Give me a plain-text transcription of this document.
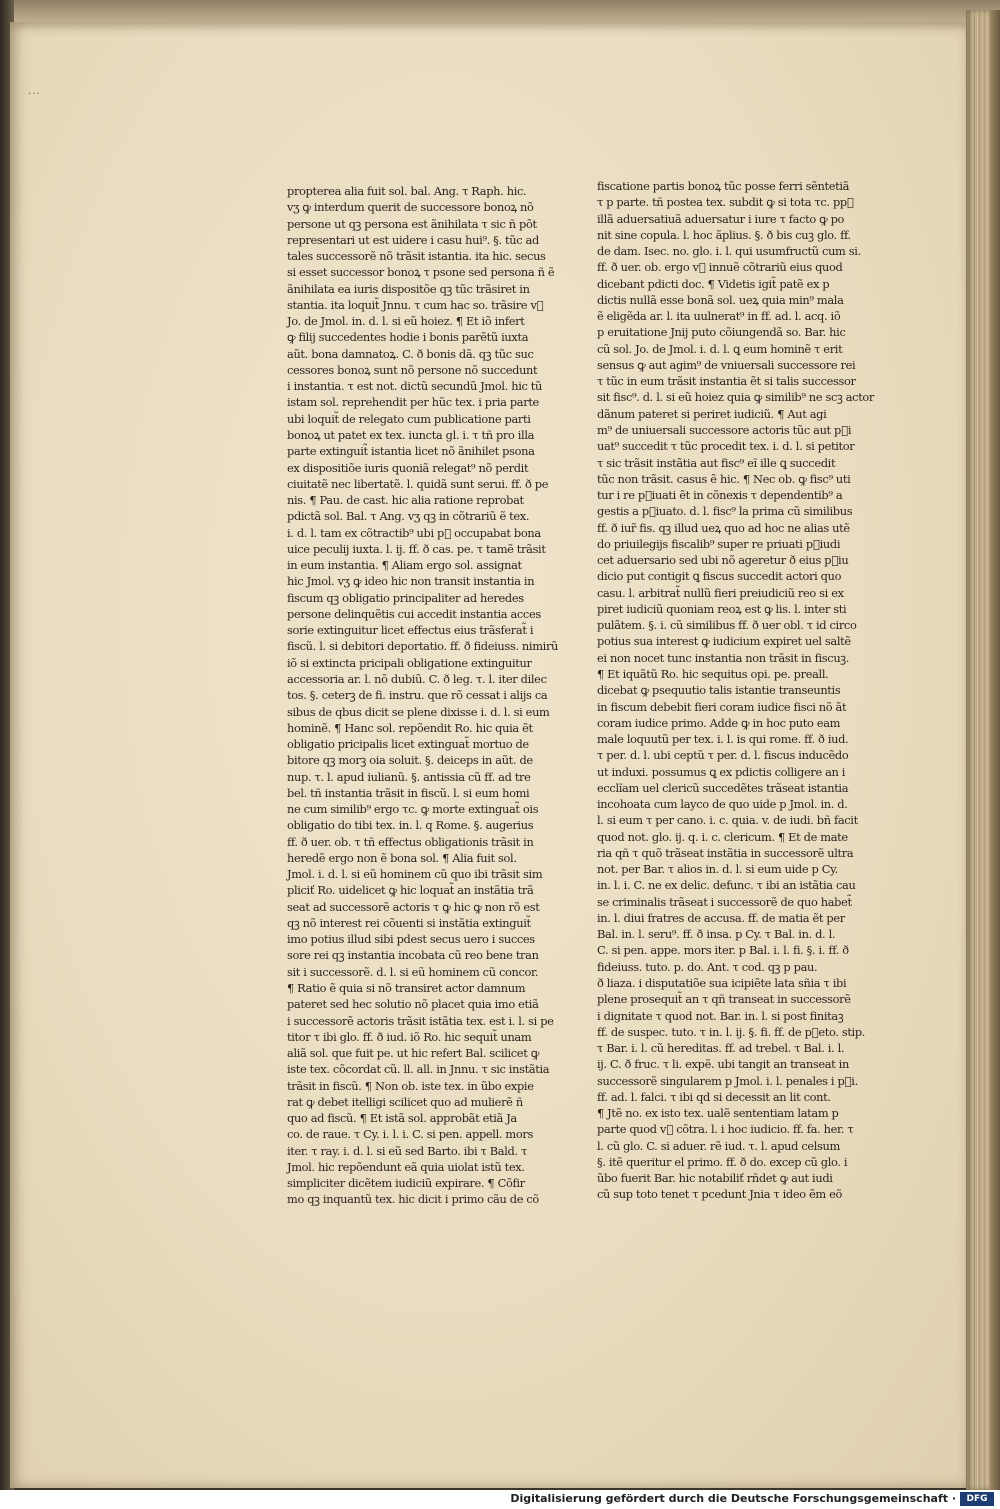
...
propterea alia fuit sol. bal. Ang. τ Raph. hic.
vʒ ꝙ interdum querit de successore bonoꝝ nõ
persone ut qꝫ persona est ãnihilata τ sic ñ põt
representari ut est uidere i casu hui⁹. §. tũc ad
tales successorẽ nõ trãsit istantia. ita hic. secus
si esset successor bonoꝝ τ psone sed persona ñ ẽ
ãnihilata ea iuris dispositõe qꝫ tũc trãsiret in
stantia. ita loquit̃ Jnnu. τ cum hac so. trãsire vᷣ
Jo. de Jmol. in. d. l. si eũ hoiez. ¶ Et iõ infert
ꝙ filij succedentes hodie i bonis parẽtũ iuxta
aũt. bona damnatoꝝ. C. ð bonis dã. qꝫ tũc suc
cessores bonoꝝ sunt nõ persone nõ succedunt
i instantia. τ est not. dictũ secundũ Jmol. hic tũ
istam sol. reprehendit per hũc tex. i pria parte
ubi loquit̃ de relegato cum publicatione parti
bonoꝝ ut patet ex tex. iuncta gl. i. τ tñ pro illa
parte extinguit̃ istantia licet nõ ãnihilet psona
ex dispositiõe iuris quoniã relegat⁹ nõ perdit
ciuitatẽ nec libertatẽ. l. quidã sunt serui. ff. ð pe
nis. ¶ Pau. de cast. hic alia ratione reprobat
pdictã sol. Bal. τ Ang. vʒ qꝫ in cõtrariũ ẽ tex.
i. d. l. tam ex cõtractib⁹ ubi pᷣ occupabat bona
uice peculij iuxta. l. ij. ff. ð cas. pe. τ tamẽ trãsit
in eum instantia. ¶ Aliam ergo sol. assignat
hic Jmol. vʒ ꝙ ideo hic non transit instantia in
fiscum qꝫ obligatio principaliter ad heredes
persone delinquẽtis cui accedit instantia acces
sorie extinguitur licet effectus eius trãsferat̃ i
fiscũ. l. si debitori deportatio. ff. ð fideiuss. nimirũ
iõ si extincta pricipali obligatione extinguitur
accessoria ar. l. nõ dubiũ. C. ð leg. τ. l. iter dilec
tos. §. ceterꝫ de fi. instru. que rõ cessat i alijs ca
sibus de qbus dicit se plene dixisse i. d. l. si eum
hominẽ. ¶ Hanc sol. repõendit Ro. hic quia ẽt
obligatio pricipalis licet extinguat̃ mortuo de
bitore qꝫ morꝫ oia soluit. §. deiceps in aũt. de
nup. τ. l. apud iulianũ. §. antissia cũ ff. ad tre
bel. tñ instantia trãsit in fiscũ. l. si eum homi
ne cum similib⁹ ergo τc. ꝙ morte extinguat̃ ois
obligatio do tibi tex. in. l. q Rome. §. augerius
ff. ð uer. ob. τ tñ effectus obligationis trãsit in
heredẽ ergo non ẽ bona sol. ¶ Alia fuit sol.
Jmol. i. d. l. si eũ hominem cũ quo ibi trãsit sim
pliciť Ro. uidelicet ꝙ hic loquat̃ an instãtia trã
seat ad successorẽ actoris τ ꝙ hic ꝙ non rõ est
qꝫ nõ interest rei cõuenti si instãtia extinguit̃
imo potius illud sibi pdest secus uero i succes
sore rei qꝫ instantia incobata cũ reo bene tran
sit i successorẽ. d. l. si eũ hominem cũ concor.
¶ Ratio ẽ quia si nõ transiret actor damnum
pateret sed hec solutio nõ placet quia imo etiã
i successorẽ actoris trãsit istãtia tex. est i. l. si pe
titor τ ibi glo. ff. ð iud. iõ Ro. hic sequit̃ unam
aliã sol. que fuit pe. ut hic refert Bal. scilicet ꝙ
iste tex. cõcordat cũ. ll. all. in Jnnu. τ sic instãtia
trãsit in fiscũ. ¶ Non ob. iste tex. in ũbo expie
rat ꝙ debet itelligi scilicet quo ad mulierẽ ñ
quo ad fiscũ. ¶ Et istã sol. approbãt etiã Ja
co. de raue. τ Cy. i. l. i. C. si pen. appell. mors
iter. τ ray. i. d. l. si eũ sed Barto. ibi τ Bald. τ
Jmol. hic repõendunt eã quia uiolat istũ tex.
simpliciter dicẽtem iudiciũ expirare. ¶ Cõfir
mo qꝫ inquantũ tex. hic dicit i primo cãu de cõ
fiscatione partis bonoꝝ tũc posse ferri sẽntetiã
τ p parte. tñ postea tex. subdit ꝙ si tota τc. ppᷣ
illã aduersatiuã aduersatur i iure τ facto ꝙ po
nit sine copula. l. hoc ãplius. §. ð bis cuꝫ glo. ff.
de dam. Isec. no. glo. i. l. qui usumfructũ cum si.
ff. ð uer. ob. ergo vᷣ innuẽ cõtrariũ eius quod
dicebant pdicti doc. ¶ Videtis igit̃ patẽ ex p
dictis nullã esse bonã sol. ueꝝ quia min⁹ mala
ẽ eligẽda ar. l. ita uulnerat⁹ in ff. ad. l. acq. iõ
p eruitatione Jnij puto cõiungendã so. Bar. hic
cũ sol. Jo. de Jmol. i. d. l. ꝗ eum hominẽ τ erit
sensus ꝙ aut agim⁹ de vniuersali successore rei
τ tũc in eum trãsit instantia ẽt si talis successor
sit fisc⁹. d. l. si eũ hoiez quia ꝙ similib⁹ ne scꝫ actor
dãnum pateret si periret iudiciũ. ¶ Aut agi
m⁹ de uniuersali successore actoris tũc aut pᷣi
uat⁹ succedit τ tũc procedit tex. i. d. l. si petitor
τ sic trãsit instãtia aut fisc⁹ eĩ ille ꝗ succedit
tũc non trãsit. casus ẽ hic. ¶ Nec ob. ꝙ fisc⁹ uti
tur i re pᷣiuati ẽt in cõnexis τ dependentib⁹ a
gestis a pᷣiuato. d. l. fisc⁹ la prima cũ similibus
ff. ð iur̃ fis. qꝫ illud ueꝝ quo ad hoc ne alias utẽ
do priuilegijs fiscalib⁹ super re priuati pᷣiudi
cet aduersario sed ubi nõ ageretur ð eius pᷣiu
dicio put contigit ꝗ fiscus succedit actori quo
casu. l. arbitrat̃ nullũ fieri preiudiciũ reo si ex
piret iudiciũ quoniam reoꝝ est ꝙ lis. l. inter sti
pulãtem. §. i. cũ similibus ff. ð uer obl. τ id circo
potius sua interest ꝙ iudicium expiret uel saltẽ
ei non nocet tunc instantia non trãsit in fiscuꝫ.
¶ Et iquãtũ Ro. hic sequitus opi. pe. preall.
dicebat ꝙ psequutio talis istantie transeuntis
in fiscum debebit fieri coram iudice fisci nõ ãt
coram iudice primo. Adde ꝙ in hoc puto eam
male loquutũ per tex. i. l. is qui rome. ff. ð iud.
τ per. d. l. ubi ceptũ τ per. d. l. fiscus inducẽdo
ut induxi. possumus ꝗ ex pdictis colligere an i
ecclĩam uel clericũ succedẽtes trãseat istantia
incohoata cum layco de quo uide p Jmol. in. d.
l. si eum τ per cano. i. c. quia. v. de iudi. bñ facit
quod not. glo. ij. q. i. c. clericum. ¶ Et de mate
ria qñ τ quõ trãseat instãtia in successorẽ ultra
not. per Bar. τ alios in. d. l. si eum uide p Cy.
in. l. i. C. ne ex delic. defunc. τ ibi an istãtia cau
se criminalis trãseat i successorẽ de quo habet̃
in. l. diui fratres de accusa. ff. de matia ẽt per
Bal. in. l. seru⁹. ff. ð insa. p Cy. τ Bal. in. d. l.
C. si pen. appe. mors iter. p Bal. i. l. fi. §. i. ff. ð
fideiuss. tuto. p. do. Ant. τ cod. qꝫ p pau.
ð liaza. i disputatiõe sua icipiẽte lata sñia τ ibi
plene prosequit̃ an τ qñ transeat in successorẽ
i dignitate τ quod not. Bar. in. l. si post finitaꝫ
ff. de suspec. tuto. τ in. l. ij. §. fi. ff. de pᷣeto. stip.
τ Bar. i. l. cũ hereditas. ff. ad trebel. τ Bal. i. l.
ij. C. ð fruc. τ li. expẽ. ubi tangit an transeat in
successorẽ singularem p Jmol. i. l. penales i pᷣi.
ff. ad. l. falci. τ ibi qd si decessit an lit cont.
¶ Jtẽ no. ex isto tex. ualẽ sententiam latam p
parte quod vᷣ cõtra. l. i hoc iudicio. ff. fa. her. τ
l. cũ glo. C. si aduer. rẽ iud. τ. l. apud celsum
§. itẽ queritur el primo. ff. ð do. excep cũ glo. i
ũbo fuerit Bar. hic notabiliť rñdet ꝙ aut iudi
cũ sup toto tenet τ pcedunt Jnia τ ideo ẽm eõ
Digitalisierung gefördert durch die Deutsche Forschungsgemeinschaft ·	DFG
